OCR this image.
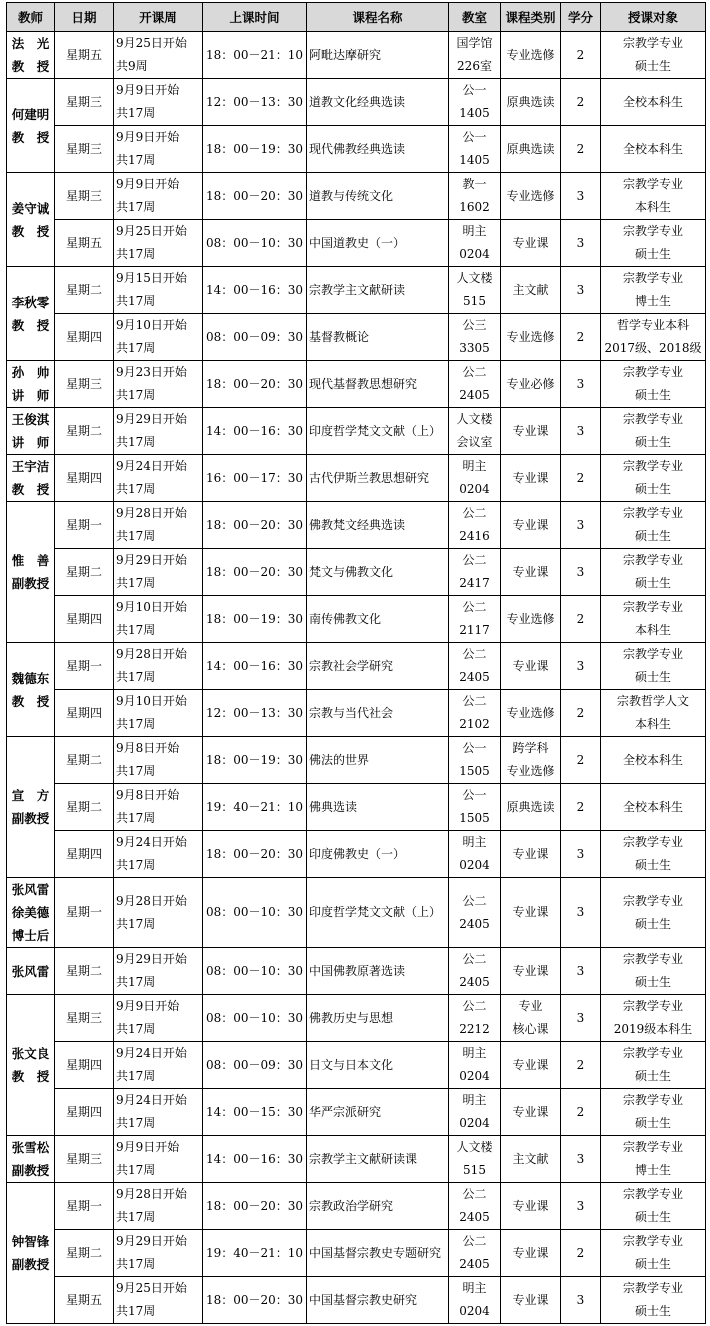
教师	日期	开课周	上课时间	课程名称	教室	课程类别	学分	授课对象

法　光
教　授	星期五	9月25日开始
共9周	18：00－21：10	阿毗达摩研究	国学馆
226室	专业选修	2	宗教学专业
硕士生

何建明
教　授	星期三	9月9日开始
共17周	12：00－13：30	道教文化经典选读	公一
1405	原典选读	2	全校本科生

	星期三	9月9日开始
共17周	18：00－19：30	现代佛教经典选读	公一
1405	原典选读	2	全校本科生

姜守诚
教　授	星期三	9月9日开始
共17周	18：00－20：30	道教与传统文化	教一
1602	专业选修	3	宗教学专业
本科生

	星期五	9月25日开始
共17周	08：00－10：30	中国道教史（一）	明主
0204	专业课	3	宗教学专业
硕士生

李秋零
教　授	星期二	9月15日开始
共17周	14：00－16：30	宗教学主文献研读	人文楼
515	主文献	3	宗教学专业
博士生

	星期四	9月10日开始
共17周	08：00－09：30	基督教概论	公三
3305	专业选修	2	哲学专业本科
2017级、2018级

孙　帅
讲　师	星期三	9月23日开始
共17周	18：00－20：30	现代基督教思想研究	公二
2405	专业必修	3	宗教学专业
硕士生

王俊淇
讲　师	星期二	9月29日开始
共17周	14：00－16：30	印度哲学梵文文献（上）	人文楼
会议室	专业课	3	宗教学专业
硕士生

王宇洁
教　授	星期四	9月24日开始
共17周	16：00－17：30	古代伊斯兰教思想研究	明主
0204	专业课	2	宗教学专业
硕士生

惟　善
副教授	星期一	9月28日开始
共17周	18：00－20：30	佛教梵文经典选读	公二
2416	专业课	3	宗教学专业
硕士生

	星期二	9月29日开始
共17周	18：00－20：30	梵文与佛教文化	公二
2417	专业课	3	宗教学专业
硕士生

	星期四	9月10日开始
共17周	18：00－19：30	南传佛教文化	公二
2117	专业选修	2	宗教学专业
本科生

魏德东
教　授	星期一	9月28日开始
共17周	14：00－16：30	宗教社会学研究	公二
2405	专业课	3	宗教学专业
硕士生

	星期四	9月10日开始
共17周	12：00－13：30	宗教与当代社会	公二
2102	专业选修	2	宗教哲学人文
本科生

宣　方
副教授	星期二	9月8日开始
共17周	18：00－19：30	佛法的世界	公一
1505	跨学科
专业选修	2	全校本科生

	星期二	9月8日开始
共17周	19：40－21：10	佛典选读	公一
1505	原典选读	2	全校本科生

	星期四	9月24日开始
共17周	18：00－20：30	印度佛教史（一）	明主
0204	专业课	3	宗教学专业
硕士生

张风雷
徐美德
博士后	星期一	9月28日开始
共17周	08：00－10：30	印度哲学梵文文献（上）	公二
2405	专业课	3	宗教学专业
硕士生

张风雷	星期二	9月29日开始
共17周	08：00－10：30	中国佛教原著选读	公二
2405	专业课	3	宗教学专业
硕士生

张文良
教　授	星期三	9月9日开始
共17周	08：00－10：30	佛教历史与思想	公二
2212	专业
核心课	3	宗教学专业
2019级本科生

	星期四	9月24日开始
共17周	08：00－09：30	日文与日本文化	明主
0204	专业课	2	宗教学专业
硕士生

	星期四	9月24日开始
共17周	14：00－15：30	华严宗派研究	明主
0204	专业课	2	宗教学专业
硕士生

张雪松
副教授	星期三	9月9日开始
共17周	14：00－16：30	宗教学主文献研读课	人文楼
515	主文献	3	宗教学专业
博士生

钟智锋
副教授	星期一	9月28日开始
共17周	18：00－20：30	宗教政治学研究	公二
2405	专业课	3	宗教学专业
硕士生

	星期二	9月29日开始
共17周	19：40－21：10	中国基督宗教史专题研究	公二
2405	专业课	2	宗教学专业
硕士生

	星期五	9月25日开始
共17周	18：00－20：30	中国基督宗教史研究	明主
0204	专业课	3	宗教学专业
硕士生
